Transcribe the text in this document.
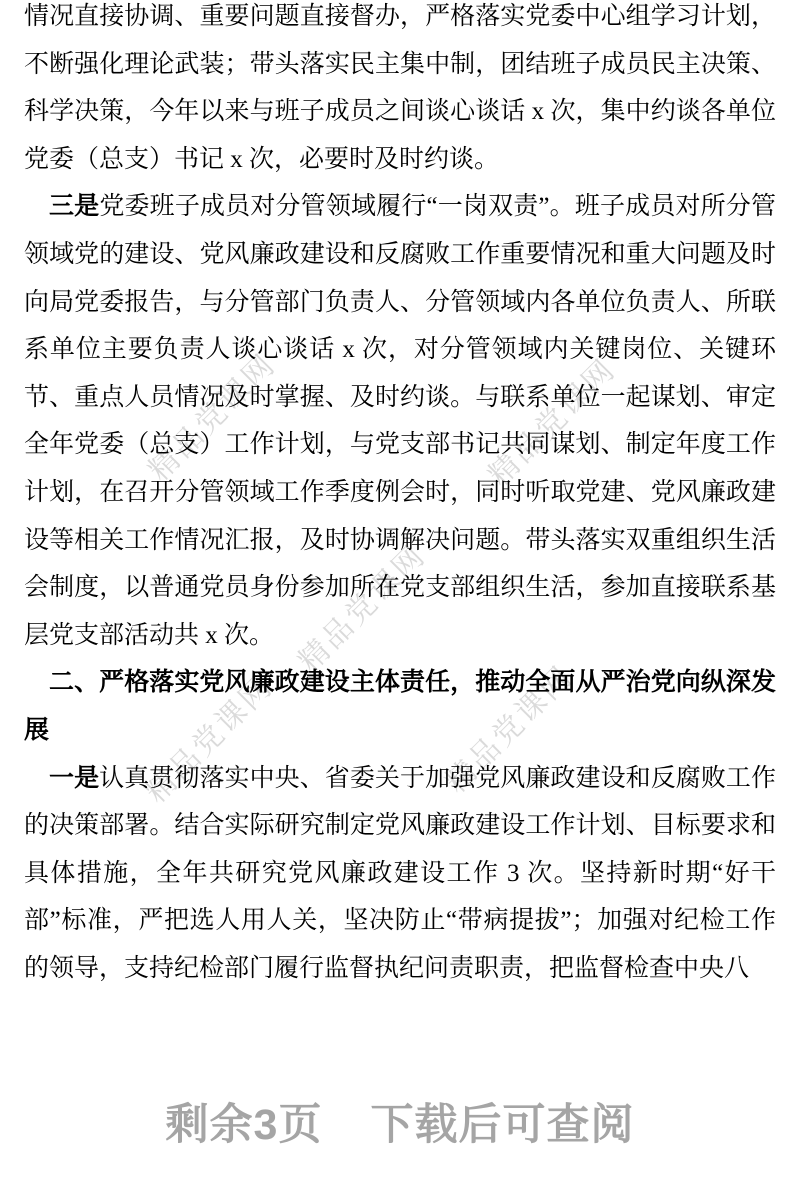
精品党课网	精品党课网
精品党课网
精品党课网	精品党课网

情况直接协调、重要问题直接督办，严格落实党委中心组学习计划，不断强化理论武装；带头落实民主集中制，团结班子成员民主决策、科学决策，今年以来与班子成员之间谈心谈话 x 次，集中约谈各单位党委（总支）书记 x 次，必要时及时约谈。

三是党委班子成员对分管领域履行“一岗双责”。班子成员对所分管领域党的建设、党风廉政建设和反腐败工作重要情况和重大问题及时向局党委报告，与分管部门负责人、分管领域内各单位负责人、所联系单位主要负责人谈心谈话 x 次，对分管领域内关键岗位、关键环节、重点人员情况及时掌握、及时约谈。与联系单位一起谋划、审定全年党委（总支）工作计划，与党支部书记共同谋划、制定年度工作计划，在召开分管领域工作季度例会时，同时听取党建、党风廉政建设等相关工作情况汇报，及时协调解决问题。带头落实双重组织生活会制度，以普通党员身份参加所在党支部组织生活，参加直接联系基层党支部活动共 x 次。

二、严格落实党风廉政建设主体责任，推动全面从严治党向纵深发展

一是认真贯彻落实中央、省委关于加强党风廉政建设和反腐败工作的决策部署。结合实际研究制定党风廉政建设工作计划、目标要求和具体措施，全年共研究党风廉政建设工作 3 次。坚持新时期“好干部”标准，严把选人用人关，坚决防止“带病提拔”；加强对纪检工作的领导，支持纪检部门履行监督执纪问责职责，把监督检查中央八

剩余3页 下载后可查阅
